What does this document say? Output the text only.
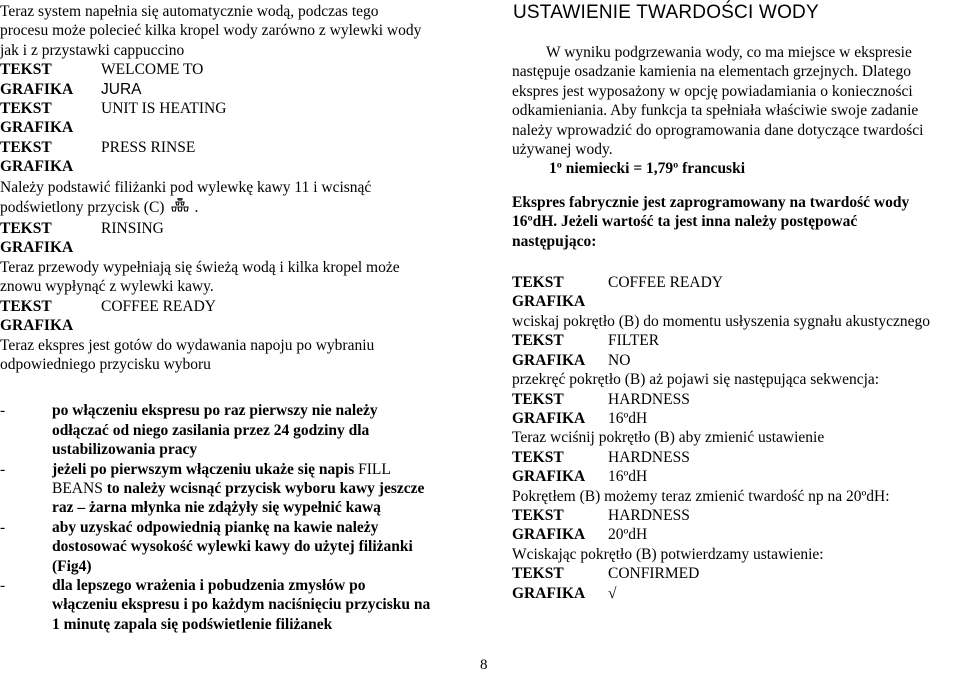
Teraz system napełnia się automatycznie wodą, podczas tego
procesu może polecieć kilka kropel wody zarówno z wylewki wody
jak i z przystawki cappuccino
TEKST	WELCOME TO
GRAFIKA JURA
TEKST	UNIT IS HEATING
GRAFIKA
TEKST	PRESS RINSE
GRAFIKA
Należy podstawić filiżanki pod wylewkę kawy 11 i wcisnąć
podświetlony przycisk (C) .
TEKST	RINSING
GRAFIKA
Teraz przewody wypełniają się świeżą wodą i kilka kropel może
znowu wypłynąć z wylewki kawy.
TEKST	COFFEE READY
GRAFIKA
Teraz ekspres jest gotów do wydawania napoju po wybraniu
odpowiedniego przycisku wyboru
-	po włączeniu ekspresu po raz pierwszy nie należy
odłączać od niego zasilania przez 24 godziny dla
ustabilizowania pracy
-	jeżeli po pierwszym włączeniu ukaże się napis FILL
BEANS to należy wcisnąć przycisk wyboru kawy jeszcze
raz – żarna młynka nie zdążyły się wypełnić kawą
-	aby uzyskać odpowiednią piankę na kawie należy
dostosować wysokość wylewki kawy do użytej filiżanki
(Fig4)
-	dla lepszego wrażenia i pobudzenia zmysłów po
włączeniu ekspresu i po każdym naciśnięciu przycisku na
1 minutę zapala się podświetlenie filiżanek
USTAWIENIE TWARDOŚCI WODY
W wyniku podgrzewania wody, co ma miejsce w ekspresie
następuje osadzanie kamienia na elementach grzejnych. Dlatego
ekspres jest wyposażony w opcję powiadamiania o konieczności
odkamieniania. Aby funkcja ta spełniała właściwie swoje zadanie
należy wprowadzić do oprogramowania dane dotyczące twardości
używanej wody.
1º niemiecki = 1,79º francuski
Ekspres fabrycznie jest zaprogramowany na twardość wody
16ºdH. Jeżeli wartość ta jest inna należy postępować
następująco:
TEKST	COFFEE READY
GRAFIKA
wciskaj pokrętło (B) do momentu usłyszenia sygnału akustycznego
TEKST	FILTER
GRAFIKA NO
przekręć pokrętło (B) aż pojawi się następująca sekwencja:
TEKST	HARDNESS
GRAFIKA 16ºdH
Teraz wciśnij pokrętło (B) aby zmienić ustawienie
TEKST	HARDNESS
GRAFIKA 16ºdH
Pokrętłem (B) możemy teraz zmienić twardość np na 20ºdH:
TEKST	HARDNESS
GRAFIKA 20ºdH
Wciskając pokrętło (B) potwierdzamy ustawienie:
TEKST	CONFIRMED
GRAFIKA √
8
